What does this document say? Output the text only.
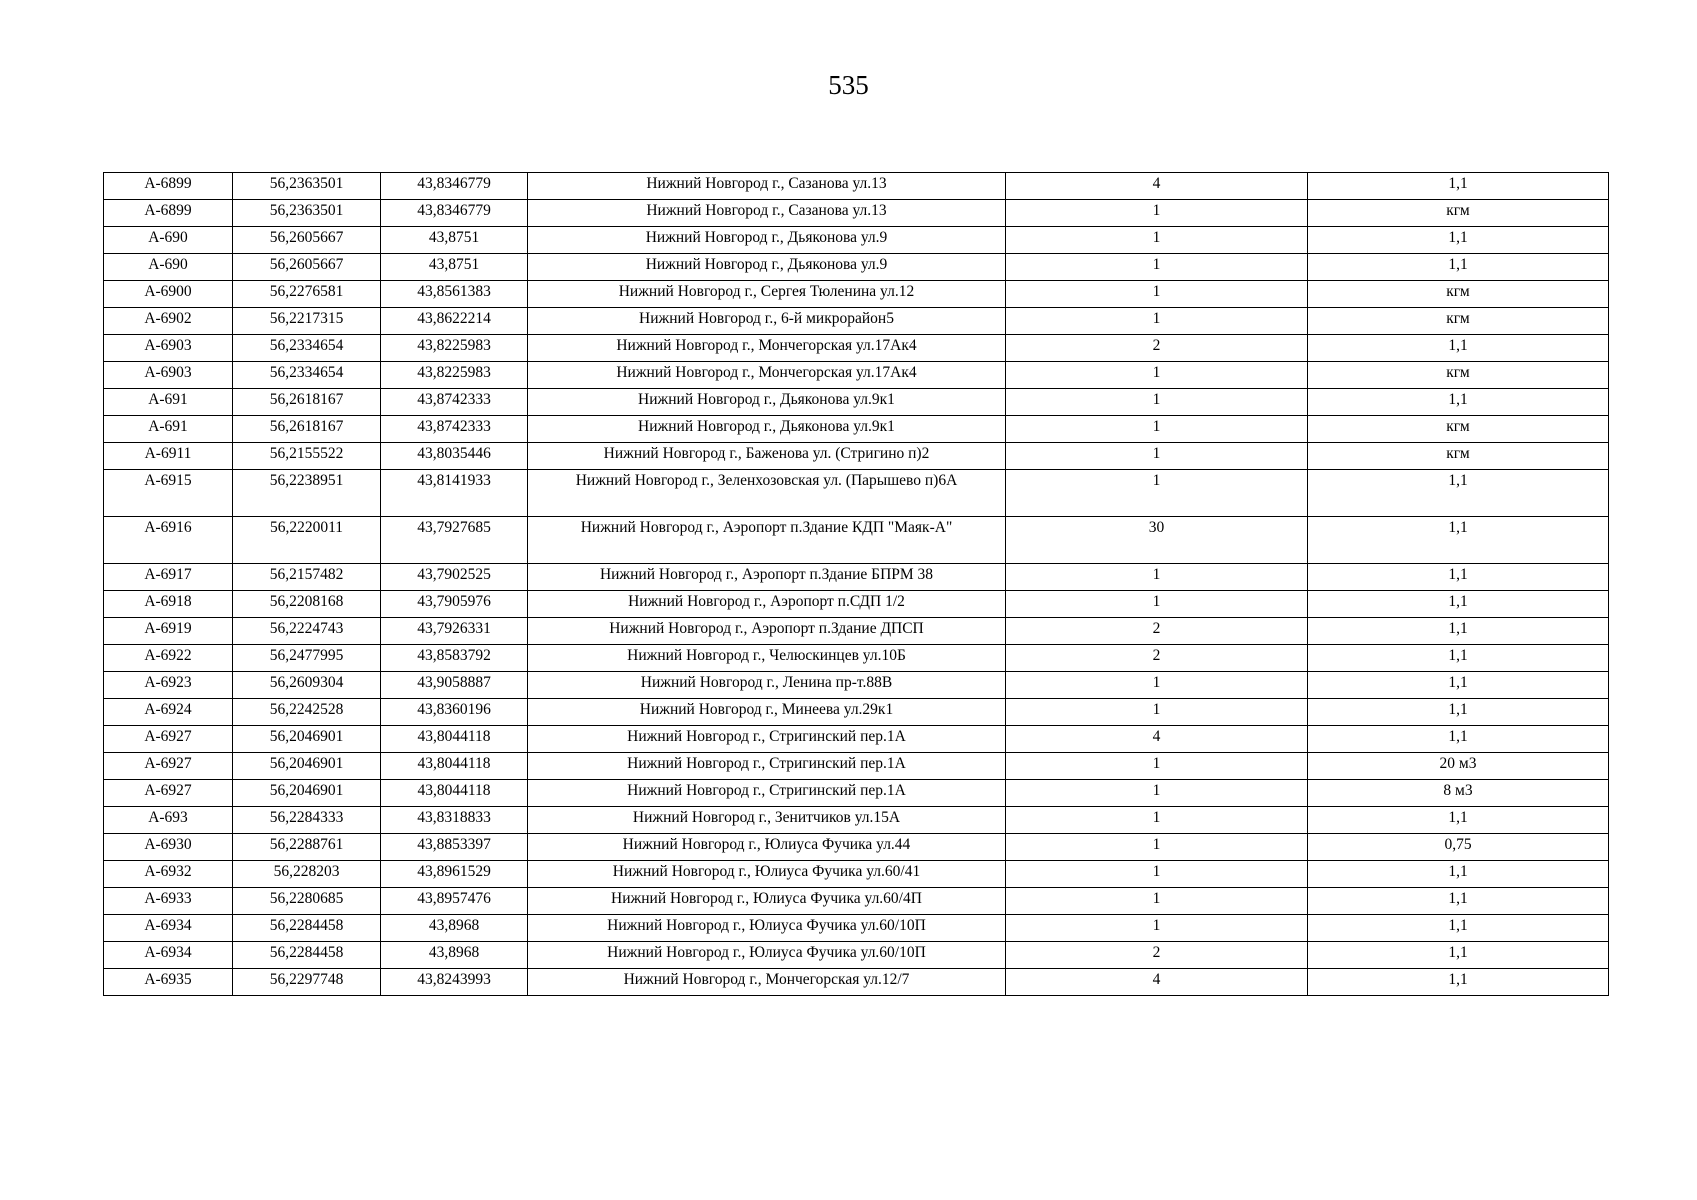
535
А-6899	56,2363501	43,8346779	Нижний Новгород г., Сазанова ул.13	4	1,1
А-6899	56,2363501	43,8346779	Нижний Новгород г., Сазанова ул.13	1	кгм
А-690	56,2605667	43,8751	Нижний Новгород г., Дьяконова ул.9	1	1,1
А-690	56,2605667	43,8751	Нижний Новгород г., Дьяконова ул.9	1	1,1
А-6900	56,2276581	43,8561383	Нижний Новгород г., Сергея Тюленина ул.12	1	кгм
А-6902	56,2217315	43,8622214	Нижний Новгород г., 6-й микрорайон5	1	кгм
А-6903	56,2334654	43,8225983	Нижний Новгород г., Мончегорская ул.17Ак4	2	1,1
А-6903	56,2334654	43,8225983	Нижний Новгород г., Мончегорская ул.17Ак4	1	кгм
А-691	56,2618167	43,8742333	Нижний Новгород г., Дьяконова ул.9к1	1	1,1
А-691	56,2618167	43,8742333	Нижний Новгород г., Дьяконова ул.9к1	1	кгм
А-6911	56,2155522	43,8035446	Нижний Новгород г., Баженова ул. (Стригино п)2	1	кгм
А-6915	56,2238951	43,8141933	Нижний Новгород г., Зеленхозовская ул. (Парышево п)6А	1	1,1
А-6916	56,2220011	43,7927685	Нижний Новгород г., Аэропорт п.Здание КДП "Маяк-А"	30	1,1
А-6917	56,2157482	43,7902525	Нижний Новгород г., Аэропорт п.Здание БПРМ 38	1	1,1
А-6918	56,2208168	43,7905976	Нижний Новгород г., Аэропорт п.СДП 1/2	1	1,1
А-6919	56,2224743	43,7926331	Нижний Новгород г., Аэропорт п.Здание ДПСП	2	1,1
А-6922	56,2477995	43,8583792	Нижний Новгород г., Челюскинцев ул.10Б	2	1,1
А-6923	56,2609304	43,9058887	Нижний Новгород г., Ленина пр-т.88В	1	1,1
А-6924	56,2242528	43,8360196	Нижний Новгород г., Минеева ул.29к1	1	1,1
А-6927	56,2046901	43,8044118	Нижний Новгород г., Стригинский пер.1А	4	1,1
А-6927	56,2046901	43,8044118	Нижний Новгород г., Стригинский пер.1А	1	20 м3
А-6927	56,2046901	43,8044118	Нижний Новгород г., Стригинский пер.1А	1	8 м3
А-693	56,2284333	43,8318833	Нижний Новгород г., Зенитчиков ул.15А	1	1,1
А-6930	56,2288761	43,8853397	Нижний Новгород г., Юлиуса Фучика ул.44	1	0,75
А-6932	56,228203	43,8961529	Нижний Новгород г., Юлиуса Фучика ул.60/41	1	1,1
А-6933	56,2280685	43,8957476	Нижний Новгород г., Юлиуса Фучика ул.60/4П	1	1,1
А-6934	56,2284458	43,8968	Нижний Новгород г., Юлиуса Фучика ул.60/10П	1	1,1
А-6934	56,2284458	43,8968	Нижний Новгород г., Юлиуса Фучика ул.60/10П	2	1,1
А-6935	56,2297748	43,8243993	Нижний Новгород г., Мончегорская ул.12/7	4	1,1
